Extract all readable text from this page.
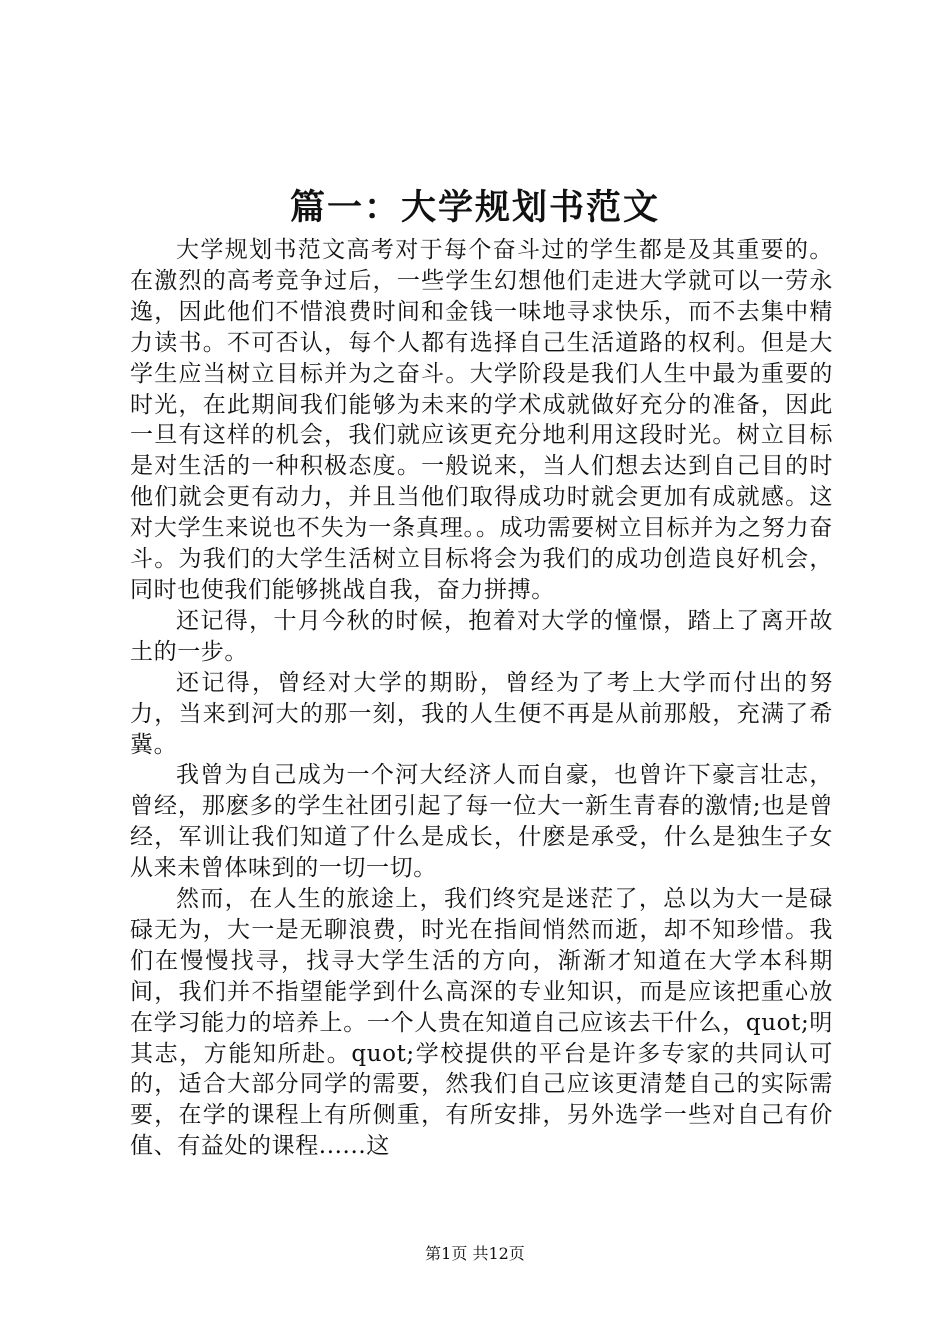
篇一：大学规划书范文

大学规划书范文高考对于每个奋斗过的学生都是及其重要的。在激烈的高考竞争过后，一些学生幻想他们走进大学就可以一劳永逸，因此他们不惜浪费时间和金钱一味地寻求快乐，而不去集中精力读书。不可否认，每个人都有选择自己生活道路的权利。但是大学生应当树立目标并为之奋斗。大学阶段是我们人生中最为重要的时光，在此期间我们能够为未来的学术成就做好充分的准备，因此一旦有这样的机会，我们就应该更充分地利用这段时光。树立目标是对生活的一种积极态度。一般说来，当人们想去达到自己目的时他们就会更有动力，并且当他们取得成功时就会更加有成就感。这对大学生来说也不失为一条真理。。成功需要树立目标并为之努力奋斗。为我们的大学生活树立目标将会为我们的成功创造良好机会，同时也使我们能够挑战自我，奋力拼搏。

还记得，十月今秋的时候，抱着对大学的憧憬，踏上了离开故土的一步。

还记得，曾经对大学的期盼，曾经为了考上大学而付出的努力，当来到河大的那一刻，我的人生便不再是从前那般，充满了希冀。

我曾为自己成为一个河大经济人而自豪，也曾许下豪言壮志，曾经，那麽多的学生社团引起了每一位大一新生青春的激情;也是曾经，军训让我们知道了什么是成长，什麽是承受，什么是独生子女从来未曾体味到的一切一切。

然而，在人生的旅途上，我们终究是迷茫了，总以为大一是碌碌无为，大一是无聊浪费，时光在指间悄然而逝，却不知珍惜。我们在慢慢找寻，找寻大学生活的方向，渐渐才知道在大学本科期间，我们并不指望能学到什么高深的专业知识，而是应该把重心放在学习能力的培养上。一个人贵在知道自己应该去干什么，quot;明其志，方能知所赴。quot;学校提供的平台是许多专家的共同认可的，适合大部分同学的需要，然我们自己应该更清楚自己的实际需要，在学的课程上有所侧重，有所安排，另外选学一些对自己有价值、有益处的课程......这

第1页 共12页
